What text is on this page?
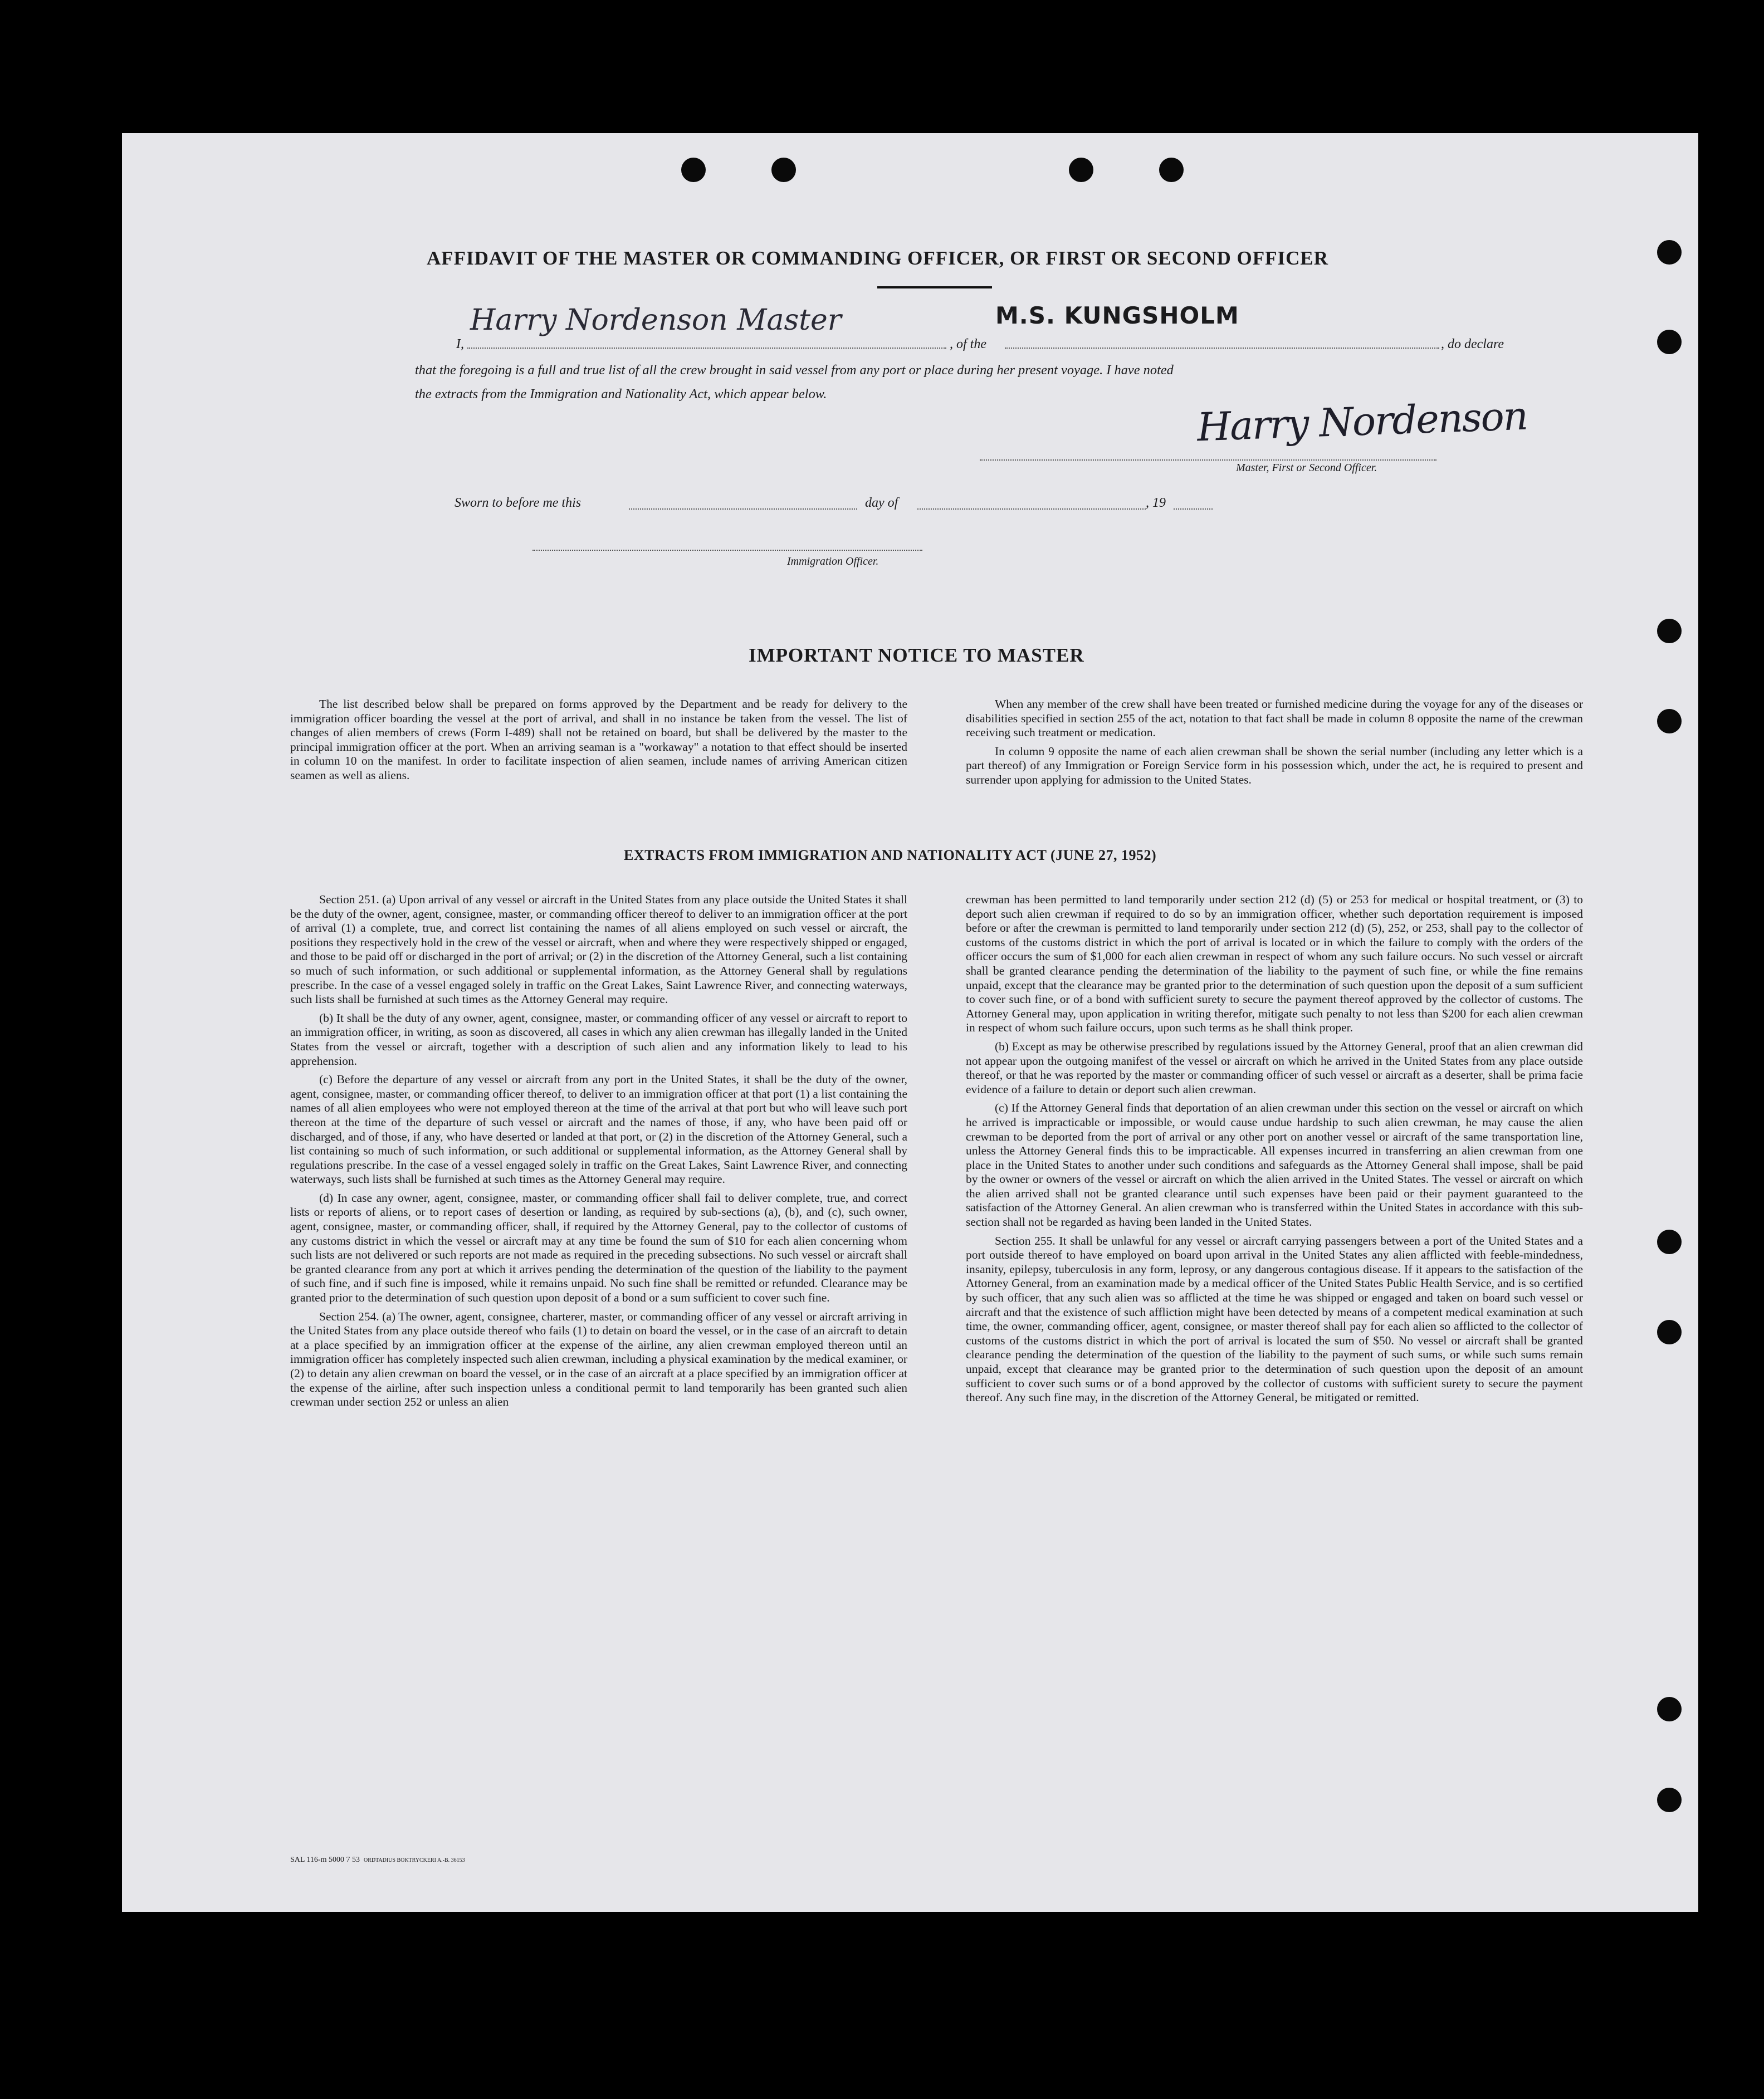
AFFIDAVIT OF THE MASTER OR COMMANDING OFFICER, OR FIRST OR SECOND OFFICER
I,
Harry Nordenson Master
, of the
M.S. KUNGSHOLM
, do declare
that the foregoing is a full and true list of all the crew brought in said vessel from any port or place during her present voyage. I have noted
the extracts from the Immigration and Nationality Act, which appear below.	Harry Nordenson
Master, First or Second Officer.
Sworn to before me this	day of	, 19
Immigration Officer.
IMPORTANT NOTICE TO MASTER

The list described below shall be prepared on forms approved by the Department and be ready for delivery to the immigration officer boarding the vessel at the port of arrival, and shall in no instance be taken from the vessel. The list of changes of alien members of crews (Form I-489) shall not be retained on board, but shall be delivered by the master to the principal immigration officer at the port. When an arriving seaman is a "workaway" a notation to that effect should be inserted in column 10 on the manifest. In order to facilitate inspection of alien seamen, include names of arriving American citizen seamen as well as aliens.

When any member of the crew shall have been treated or furnished medicine during the voyage for any of the diseases or disabilities specified in section 255 of the act, notation to that fact shall be made in column 8 opposite the name of the crewman receiving such treatment or medication.

In column 9 opposite the name of each alien crewman shall be shown the serial number (including any letter which is a part thereof) of any Immigration or Foreign Service form in his possession which, under the act, he is required to present and surrender upon applying for admission to the United States.

EXTRACTS FROM IMMIGRATION AND NATIONALITY ACT (JUNE 27, 1952)

Section 251. (a) Upon arrival of any vessel or aircraft in the United States from any place outside the United States it shall be the duty of the owner, agent, consignee, master, or commanding officer thereof to deliver to an immigration officer at the port of arrival (1) a complete, true, and correct list containing the names of all aliens employed on such vessel or aircraft, the positions they respectively hold in the crew of the vessel or aircraft, when and where they were respectively shipped or engaged, and those to be paid off or discharged in the port of arrival; or (2) in the discretion of the Attorney General, such a list containing so much of such information, or such additional or supplemental information, as the Attorney General shall by regulations prescribe. In the case of a vessel engaged solely in traffic on the Great Lakes, Saint Lawrence River, and connecting waterways, such lists shall be furnished at such times as the Attorney General may require.

(b) It shall be the duty of any owner, agent, consignee, master, or commanding officer of any vessel or aircraft to report to an immigration officer, in writing, as soon as discovered, all cases in which any alien crewman has illegally landed in the United States from the vessel or aircraft, together with a description of such alien and any information likely to lead to his apprehension.

(c) Before the departure of any vessel or aircraft from any port in the United States, it shall be the duty of the owner, agent, consignee, master, or commanding officer thereof, to deliver to an immigration officer at that port (1) a list containing the names of all alien employees who were not employed thereon at the time of the arrival at that port but who will leave such port thereon at the time of the departure of such vessel or aircraft and the names of those, if any, who have been paid off or discharged, and of those, if any, who have deserted or landed at that port, or (2) in the discretion of the Attorney General, such a list containing so much of such information, or such additional or supplemental information, as the Attorney General shall by regulations prescribe. In the case of a vessel engaged solely in traffic on the Great Lakes, Saint Lawrence River, and connecting waterways, such lists shall be furnished at such times as the Attorney General may require.

(d) In case any owner, agent, consignee, master, or commanding officer shall fail to deliver complete, true, and correct lists or reports of aliens, or to report cases of desertion or landing, as required by sub-sections (a), (b), and (c), such owner, agent, consignee, master, or commanding officer, shall, if required by the Attorney General, pay to the collector of customs of any customs district in which the vessel or aircraft may at any time be found the sum of $10 for each alien concerning whom such lists are not delivered or such reports are not made as required in the preceding subsections. No such vessel or aircraft shall be granted clearance from any port at which it arrives pending the determination of the question of the liability to the payment of such fine, and if such fine is imposed, while it remains unpaid. No such fine shall be remitted or refunded. Clearance may be granted prior to the determination of such question upon deposit of a bond or a sum sufficient to cover such fine.

Section 254. (a) The owner, agent, consignee, charterer, master, or commanding officer of any vessel or aircraft arriving in the United States from any place outside thereof who fails (1) to detain on board the vessel, or in the case of an aircraft to detain at a place specified by an immigration officer at the expense of the airline, any alien crewman employed thereon until an immigration officer has completely inspected such alien crewman, including a physical examination by the medical examiner, or (2) to detain any alien crewman on board the vessel, or in the case of an aircraft at a place specified by an immigration officer at the expense of the airline, after such inspection unless a conditional permit to land temporarily has been granted such alien crewman under section 252 or unless an alien

crewman has been permitted to land temporarily under section 212 (d) (5) or 253 for medical or hospital treatment, or (3) to deport such alien crewman if required to do so by an immigration officer, whether such deportation requirement is imposed before or after the crewman is permitted to land temporarily under section 212 (d) (5), 252, or 253, shall pay to the collector of customs of the customs district in which the port of arrival is located or in which the failure to comply with the orders of the officer occurs the sum of $1,000 for each alien crewman in respect of whom any such failure occurs. No such vessel or aircraft shall be granted clearance pending the determination of the liability to the payment of such fine, or while the fine remains unpaid, except that the clearance may be granted prior to the determination of such question upon the deposit of a sum sufficient to cover such fine, or of a bond with sufficient surety to secure the payment thereof approved by the collector of customs. The Attorney General may, upon application in writing therefor, mitigate such penalty to not less than $200 for each alien crewman in respect of whom such failure occurs, upon such terms as he shall think proper.

(b) Except as may be otherwise prescribed by regulations issued by the Attorney General, proof that an alien crewman did not appear upon the outgoing manifest of the vessel or aircraft on which he arrived in the United States from any place outside thereof, or that he was reported by the master or commanding officer of such vessel or aircraft as a deserter, shall be prima facie evidence of a failure to detain or deport such alien crewman.

(c) If the Attorney General finds that deportation of an alien crewman under this section on the vessel or aircraft on which he arrived is impracticable or impossible, or would cause undue hardship to such alien crewman, he may cause the alien crewman to be deported from the port of arrival or any other port on another vessel or aircraft of the same transportation line, unless the Attorney General finds this to be impracticable. All expenses incurred in transferring an alien crewman from one place in the United States to another under such conditions and safeguards as the Attorney General shall impose, shall be paid by the owner or owners of the vessel or aircraft on which the alien arrived in the United States. The vessel or aircraft on which the alien arrived shall not be granted clearance until such expenses have been paid or their payment guaranteed to the satisfaction of the Attorney General. An alien crewman who is transferred within the United States in accordance with this sub-section shall not be regarded as having been landed in the United States.

Section 255. It shall be unlawful for any vessel or aircraft carrying passengers between a port of the United States and a port outside thereof to have employed on board upon arrival in the United States any alien afflicted with feeble-mindedness, insanity, epilepsy, tuberculosis in any form, leprosy, or any dangerous contagious disease. If it appears to the satisfaction of the Attorney General, from an examination made by a medical officer of the United States Public Health Service, and is so certified by such officer, that any such alien was so afflicted at the time he was shipped or engaged and taken on board such vessel or aircraft and that the existence of such affliction might have been detected by means of a competent medical examination at such time, the owner, commanding officer, agent, consignee, or master thereof shall pay for each alien so afflicted to the collector of customs of the customs district in which the port of arrival is located the sum of $50. No vessel or aircraft shall be granted clearance pending the determination of the question of the liability to the payment of such sums, or while such sums remain unpaid, except that clearance may be granted prior to the determination of such question upon the deposit of an amount sufficient to cover such sums or of a bond approved by the collector of customs with sufficient surety to secure the payment thereof. Any such fine may, in the discretion of the Attorney General, be mitigated or remitted.

SAL 116-m 5000 7 53 ORDTADIUS BOKTRYCKERI A.-B. 36153
